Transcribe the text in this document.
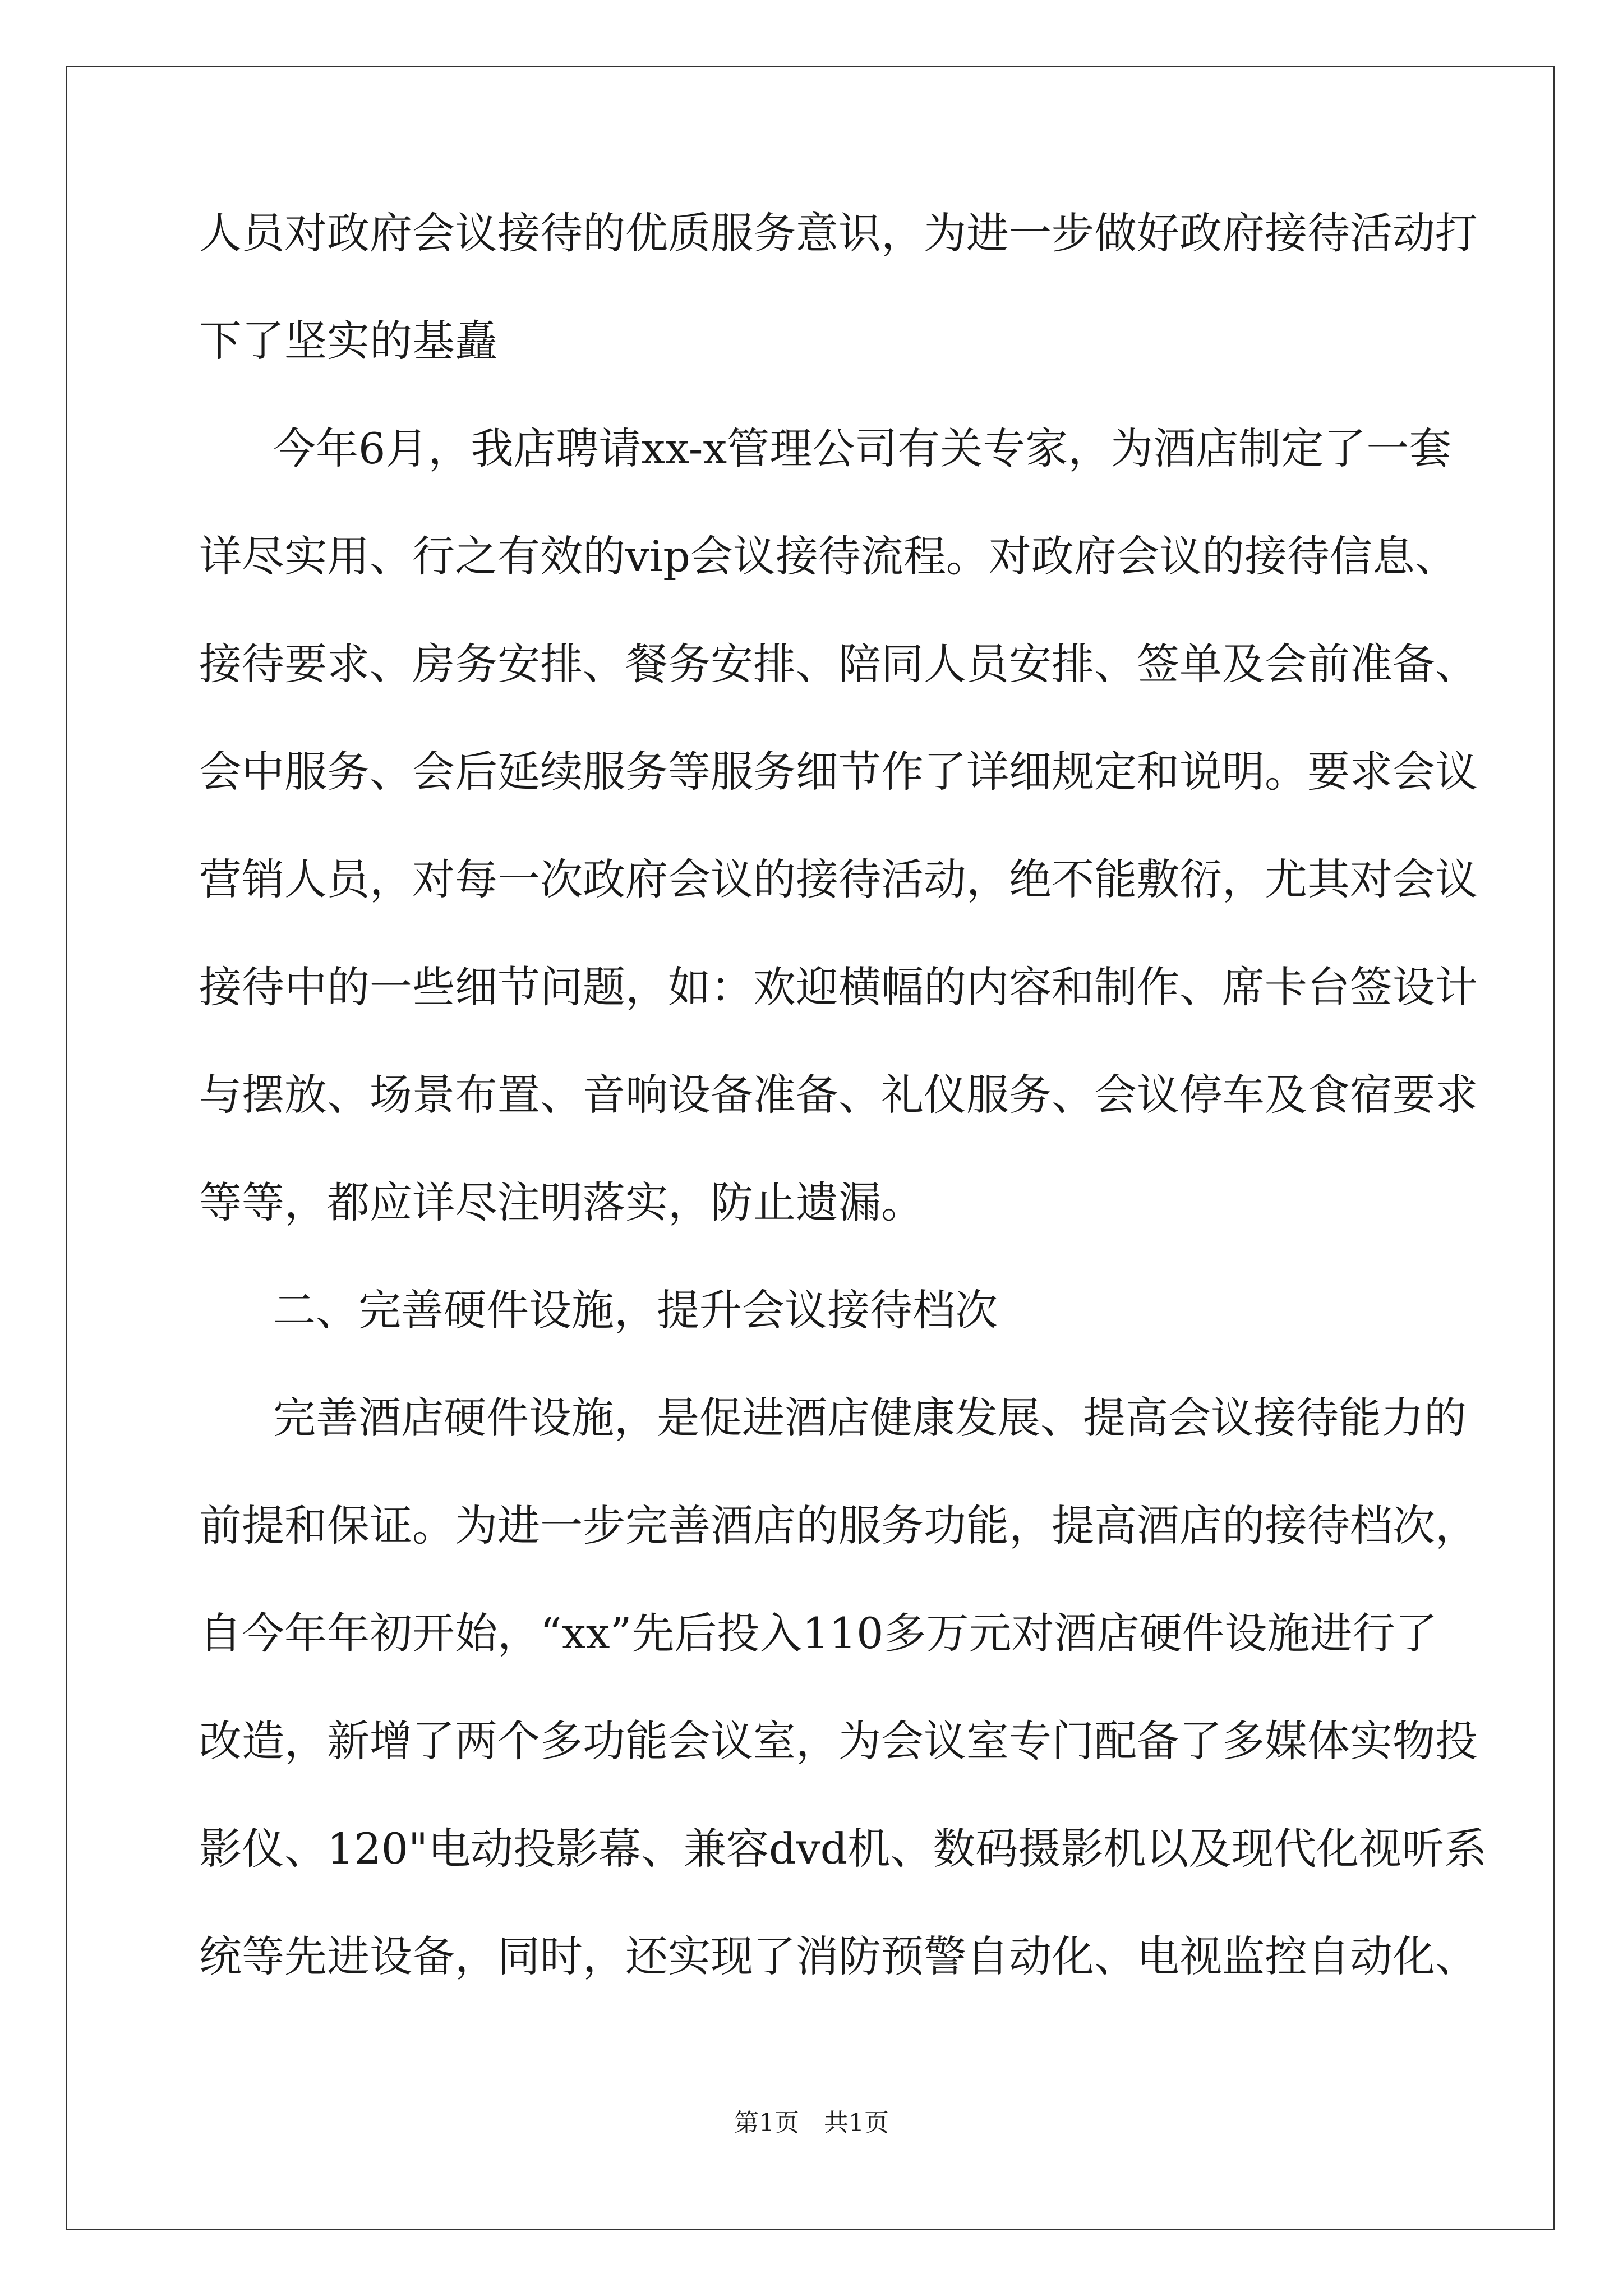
人员对政府会议接待的优质服务意识，为进一步做好政府接待活动打
下了坚实的基矗
今年6月，我店聘请xx-x管理公司有关专家，为酒店制定了一套
详尽实用、行之有效的vip会议接待流程。对政府会议的接待信息、
接待要求、房务安排、餐务安排、陪同人员安排、签单及会前准备、
会中服务、会后延续服务等服务细节作了详细规定和说明。要求会议
营销人员，对每一次政府会议的接待活动，绝不能敷衍，尤其对会议
接待中的一些细节问题，如：欢迎横幅的内容和制作、席卡台签设计
与摆放、场景布置、音响设备准备、礼仪服务、会议停车及食宿要求
等等，都应详尽注明落实，防止遗漏。
二、完善硬件设施，提升会议接待档次
完善酒店硬件设施，是促进酒店健康发展、提高会议接待能力的
前提和保证。为进一步完善酒店的服务功能，提高酒店的接待档次，
自今年年初开始，“xx”先后投入110多万元对酒店硬件设施进行了
改造，新增了两个多功能会议室，为会议室专门配备了多媒体实物投
影仪、120"电动投影幕、兼容dvd机、数码摄影机以及现代化视听系
统等先进设备，同时，还实现了消防预警自动化、电视监控自动化、
第1页 共1页
